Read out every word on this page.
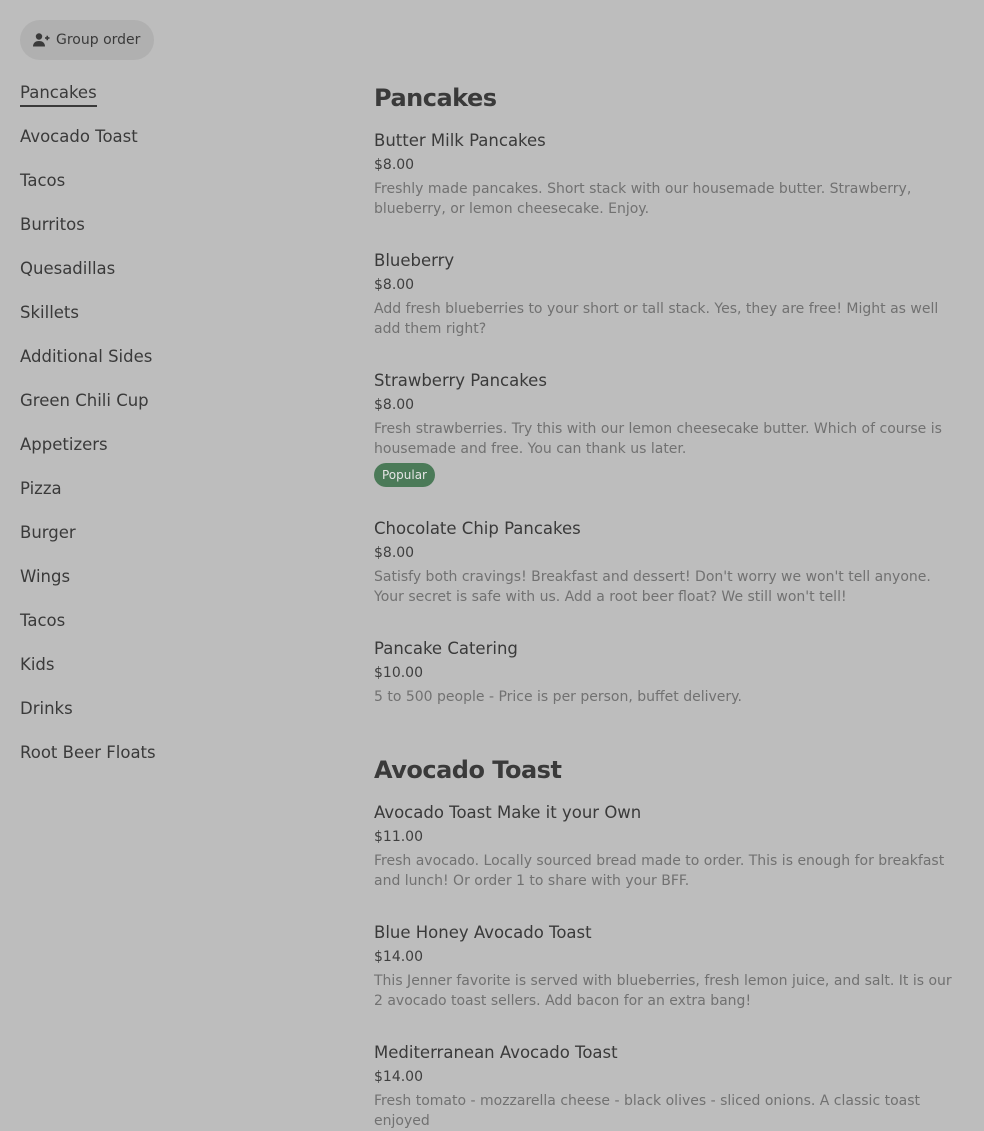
Group order
Pancakes
Avocado Toast
Tacos
Burritos
Quesadillas
Skillets
Additional Sides
Green Chili Cup
Appetizers
Pizza
Burger
Wings
Tacos
Kids
Drinks
Root Beer Floats
Pancakes
Butter Milk Pancakes
$8.00
Freshly made pancakes. Short stack with our housemade butter. Strawberry, blueberry, or lemon cheesecake. Enjoy.
Blueberry
$8.00
Add fresh blueberries to your short or tall stack. Yes, they are free! Might as well add them right?
Strawberry Pancakes
$8.00
Fresh strawberries. Try this with our lemon cheesecake butter. Which of course is housemade and free. You can thank us later.
Popular
Chocolate Chip Pancakes
$8.00
Satisfy both cravings! Breakfast and dessert! Don't worry we won't tell anyone. Your secret is safe with us. Add a root beer float? We still won't tell!
Pancake Catering
$10.00
5 to 500 people - Price is per person, buffet delivery.
Avocado Toast
Avocado Toast Make it your Own
$11.00
Fresh avocado. Locally sourced bread made to order. This is enough for breakfast and lunch! Or order 1 to share with your BFF.
Blue Honey Avocado Toast
$14.00
This Jenner favorite is served with blueberries, fresh lemon juice, and salt. It is our 2 avocado toast sellers. Add bacon for an extra bang!
Mediterranean Avocado Toast
$14.00
Fresh tomato - mozzarella cheese - black olives - sliced onions. A classic toast enjoyed
